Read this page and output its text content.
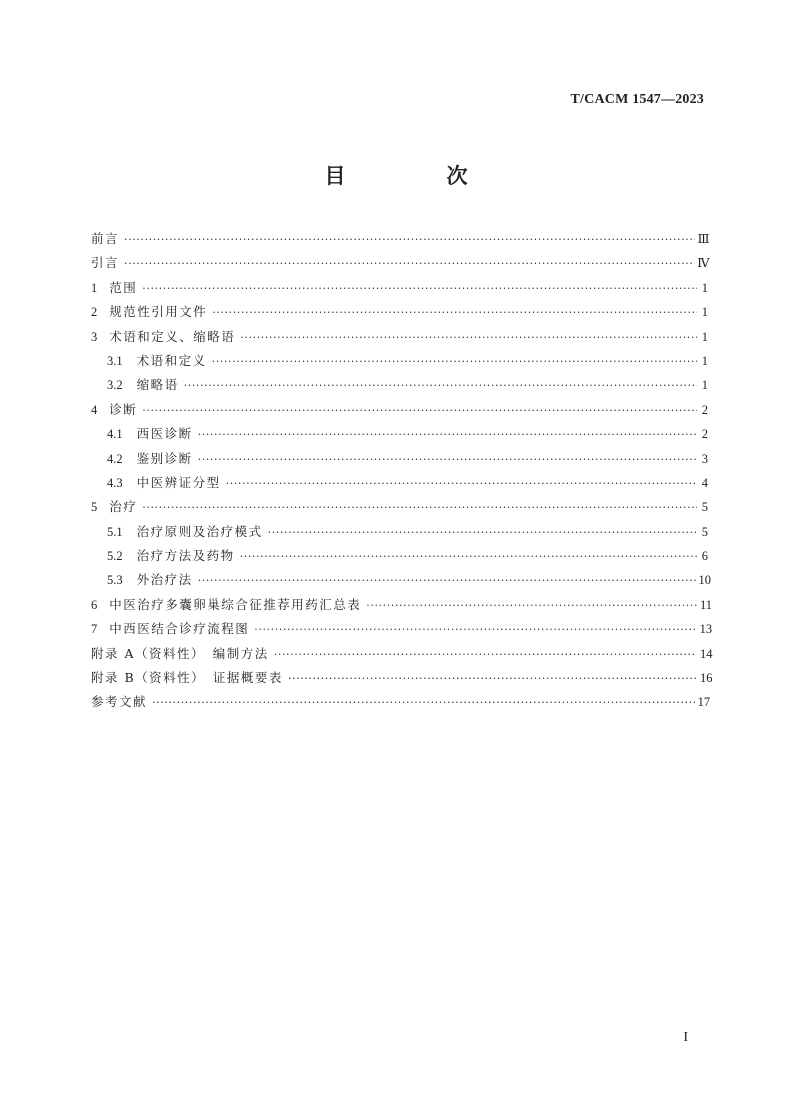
T/CACM 1547—2023
目　次
前言 ·····	Ⅲ
引言 ·····	Ⅳ
1 范围 ·····	1
2 规范性引用文件 ·····	1
3 术语和定义、缩略语 ·····	1
3.1 术语和定义 ·····	1
3.2 缩略语 ·····	1
4 诊断 ·····	2
4.1 西医诊断 ·····	2
4.2 鉴别诊断 ·····	3
4.3 中医辨证分型 ·····	4
5 治疗 ·····	5
5.1 治疗原则及治疗模式 ·····	5
5.2 治疗方法及药物 ·····	6
5.3 外治疗法 ·····	10
6 中医治疗多囊卵巢综合征推荐用药汇总表 ·····	11
7 中西医结合诊疗流程图 ·····	13
附录 A（资料性）　编制方法 ·····	14
附录 B（资料性）　证据概要表 ·····	16
参考文献 ·····	17
I
